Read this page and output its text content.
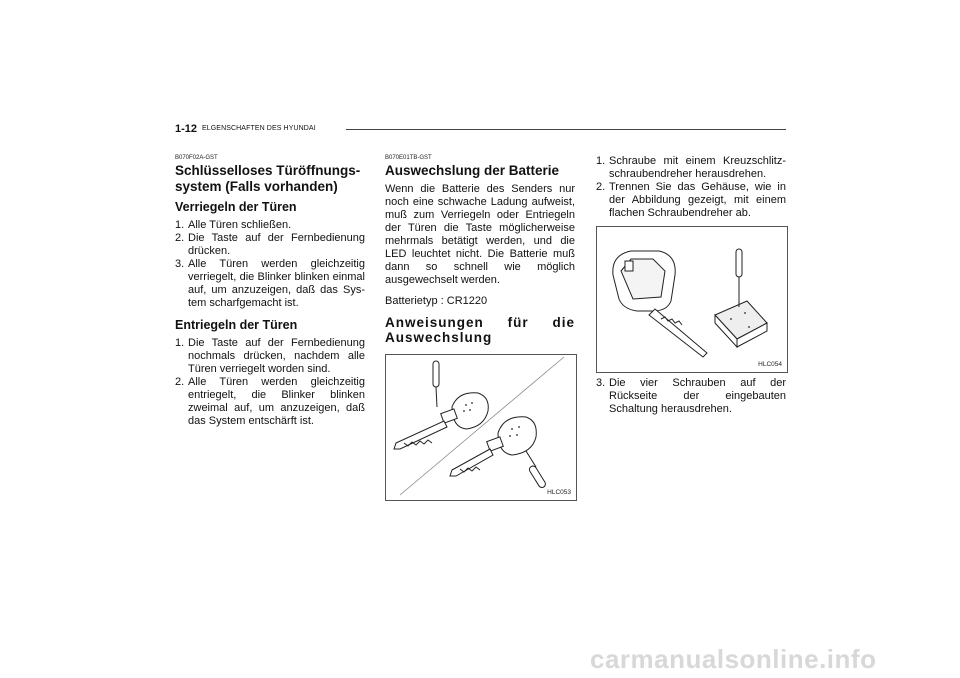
1-12 ELGENSCHAFTEN DES HYUNDAI
B070F02A-GST
Schlüsselloses Türöffnungs-system (Falls vorhanden)
Verriegeln der Türen
1. Alle Türen schließen.
2. Die Taste auf der Fernbedienung drücken.
3. Alle Türen werden gleichzeitig verriegelt, die Blinker blinken einmal auf, um anzuzeigen, daß das Sys-tem scharfgemacht ist.
Entriegeln der Türen
1. Die Taste auf der Fernbedienung nochmals drücken, nachdem alle Türen verriegelt worden sind.
2. Alle Türen werden gleichzeitig entriegelt, die Blinker blinken zweimal auf, um anzuzeigen, daß das System entschärft ist.
B070E01TB-GST
Auswechslung der Batterie
Wenn die Batterie des Senders nur noch eine schwache Ladung aufweist, muß zum Verriegeln oder Entriegeln der Türen die Taste möglicherweise mehrmals betätigt werden, und die LED leuchtet nicht. Die Batterie muß dann so schnell wie möglich ausgewechselt werden.
Batterietyp : CR1220
Anweisungen für die Auswechslung
HLC053
1. Schraube mit einem Kreuzschlitz-schraubendreher herausdrehen.
2. Trennen Sie das Gehäuse, wie in der Abbildung gezeigt, mit einem flachen Schraubendreher ab.
HLC054
3. Die vier Schrauben auf der Rückseite der eingebauten Schaltung herausdrehen.
carmanualsonline.info
